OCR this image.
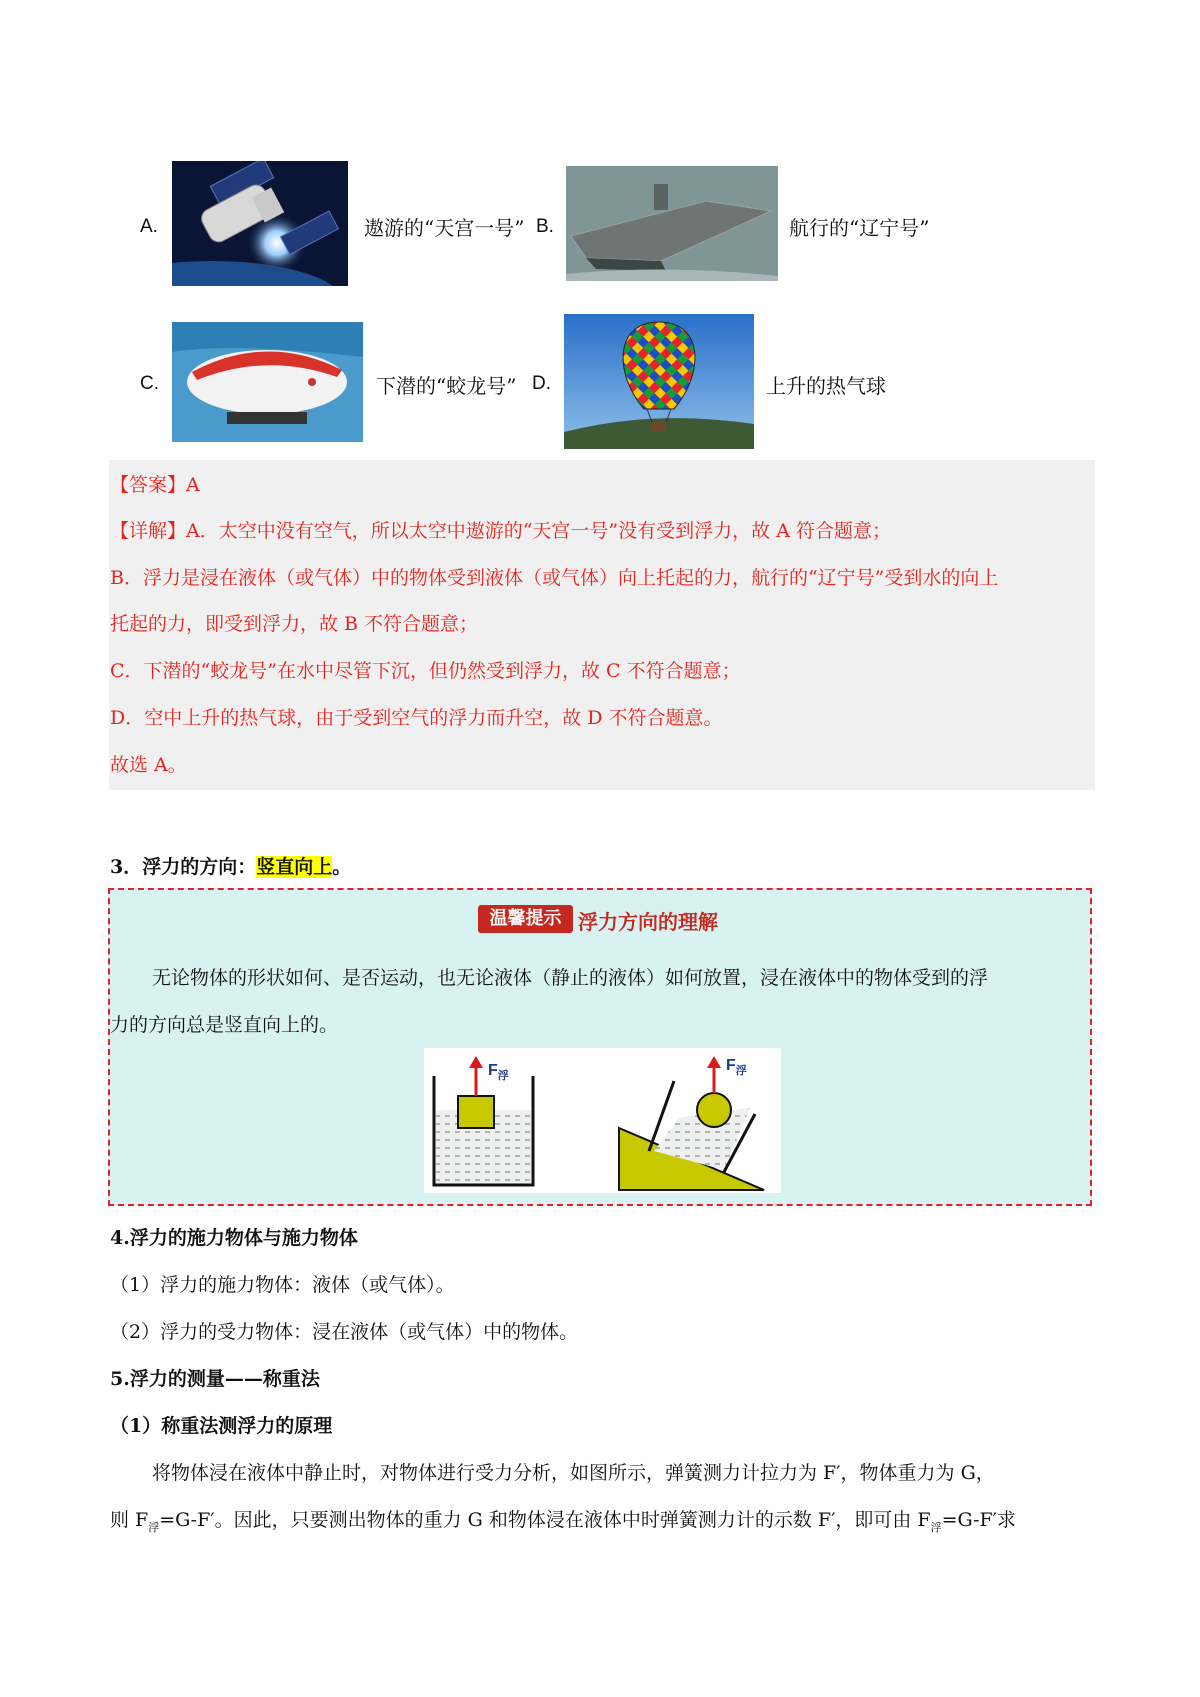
A.	遨游的“天宫一号” B.	航行的“辽宁号”
C.	下潜的“蛟龙号” D.	上升的热气球
【答案】A
【详解】A．太空中没有空气，所以太空中遨游的“天宫一号”没有受到浮力，故 A 符合题意；
B．浮力是浸在液体（或气体）中的物体受到液体（或气体）向上托起的力，航行的“辽宁号”受到水的向上
托起的力，即受到浮力，故 B 不符合题意；
C．下潜的“蛟龙号”在水中尽管下沉，但仍然受到浮力，故 C 不符合题意；
D．空中上升的热气球，由于受到空气的浮力而升空，故 D 不符合题意。
故选 A。
3．浮力的方向：竖直向上。
温馨提示 浮力方向的理解
无论物体的形状如何、是否运动，也无论液体（静止的液体）如何放置，浸在液体中的物体受到的浮
力的方向总是竖直向上的。
$F_浮$
$F_浮$
4.浮力的施力物体与施力物体
（1）浮力的施力物体：液体（或气体）。
（2）浮力的受力物体：浸在液体（或气体）中的物体。
5.浮力的测量——称重法
（1）称重法测浮力的原理
将物体浸在液体中静止时，对物体进行受力分析，如图所示，弹簧测力计拉力为 F′，物体重力为 G，
则 $F_浮=G-F'$。因此，只要测出物体的重力 G 和物体浸在液体中时弹簧测力计的示数 F′，即可由 $F_浮=G-F'$求
